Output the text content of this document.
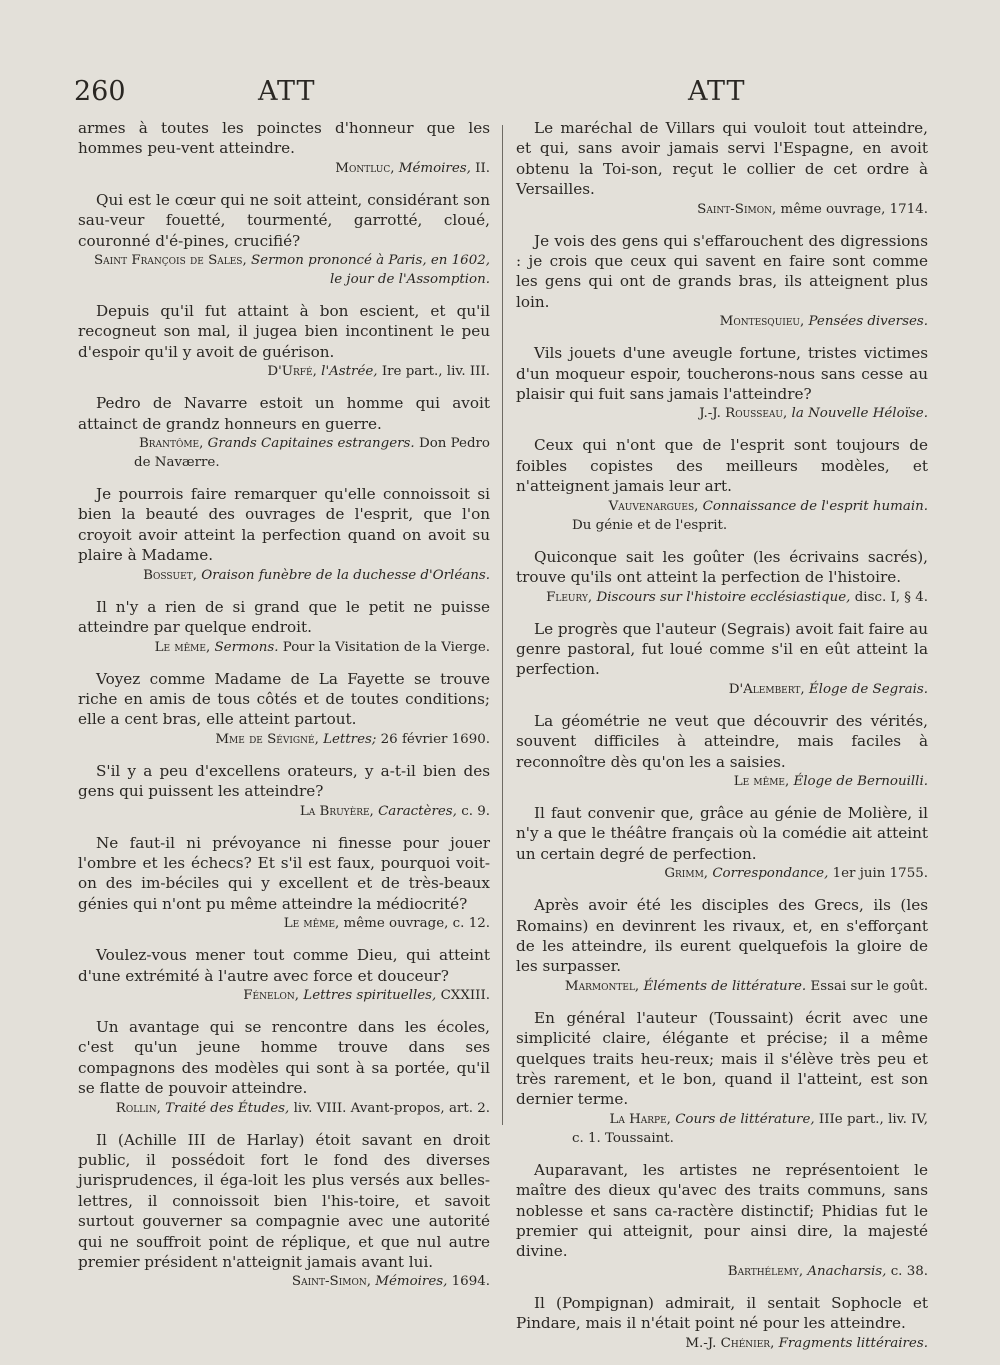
260	ATT	ATT

armes à toutes les poinctes d'honneur que les hommes peu-vent atteindre.

Montluc, Mémoires, II.

Qui est le cœur qui ne soit atteint, considérant son sau-veur fouetté, tourmenté, garrotté, cloué, couronné d'é-pines, crucifié?

Saint François de Sales, Sermon prononcé à Paris, en 1602, le jour de l'Assomption.

Depuis qu'il fut attaint à bon escient, et qu'il recogneut son mal, il jugea bien incontinent le peu d'espoir qu'il y avoit de guérison.

D'Urfé, l'Astrée, Ire part., liv. III.

Pedro de Navarre estoit un homme qui avoit attainct de grandz honneurs en guerre.

Brantôme, Grands Capitaines estrangers. Don Pedro
de Naværre.

Je pourrois faire remarquer qu'elle connoissoit si bien la beauté des ouvrages de l'esprit, que l'on croyoit avoir atteint la perfection quand on avoit su plaire à Madame.

Bossuet, Oraison funèbre de la duchesse d'Orléans.

Il n'y a rien de si grand que le petit ne puisse atteindre par quelque endroit.

Le même, Sermons. Pour la Visitation de la Vierge.

Voyez comme Madame de La Fayette se trouve riche en amis de tous côtés et de toutes conditions; elle a cent bras, elle atteint partout.

Mme de Sévigné, Lettres; 26 février 1690.

S'il y a peu d'excellens orateurs, y a-t-il bien des gens qui puissent les atteindre?

La Bruyère, Caractères, c. 9.

Ne faut-il ni prévoyance ni finesse pour jouer l'ombre et les échecs? Et s'il est faux, pourquoi voit-on des im-béciles qui y excellent et de très-beaux génies qui n'ont pu même atteindre la médiocrité?

Le même, même ouvrage, c. 12.

Voulez-vous mener tout comme Dieu, qui atteint d'une extrémité à l'autre avec force et douceur?

Fénelon, Lettres spirituelles, CXXIII.

Un avantage qui se rencontre dans les écoles, c'est qu'un jeune homme trouve dans ses compagnons des modèles qui sont à sa portée, qu'il se flatte de pouvoir atteindre.

Rollin, Traité des Études, liv. VIII. Avant-propos, art. 2.

Il (Achille III de Harlay) étoit savant en droit public, il possédoit fort le fond des diverses jurisprudences, il éga-loit les plus versés aux belles-lettres, il connoissoit bien l'his-toire, et savoit surtout gouverner sa compagnie avec une autorité qui ne souffroit point de réplique, et que nul autre premier président n'atteignit jamais avant lui.

Saint-Simon, Mémoires, 1694.

Le maréchal de Villars qui vouloit tout atteindre, et qui, sans avoir jamais servi l'Espagne, en avoit obtenu la Toi-son, reçut le collier de cet ordre à Versailles.

Saint-Simon, même ouvrage, 1714.

Je vois des gens qui s'effarouchent des digressions : je crois que ceux qui savent en faire sont comme les gens qui ont de grands bras, ils atteignent plus loin.

Montesquieu, Pensées diverses.

Vils jouets d'une aveugle fortune, tristes victimes d'un moqueur espoir, toucherons-nous sans cesse au plaisir qui fuit sans jamais l'atteindre?

J.-J. Rousseau, la Nouvelle Héloïse.

Ceux qui n'ont que de l'esprit sont toujours de foibles copistes des meilleurs modèles, et n'atteignent jamais leur art.

Vauvenargues, Connaissance de l'esprit humain.
Du génie et de l'esprit.

Quiconque sait les goûter (les écrivains sacrés), trouve qu'ils ont atteint la perfection de l'histoire.

Fleury, Discours sur l'histoire ecclésiastique, disc. I, § 4.

Le progrès que l'auteur (Segrais) avoit fait faire au genre pastoral, fut loué comme s'il en eût atteint la perfection.

D'Alembert, Éloge de Segrais.

La géométrie ne veut que découvrir des vérités, souvent difficiles à atteindre, mais faciles à reconnoître dès qu'on les a saisies.

Le même, Éloge de Bernouilli.

Il faut convenir que, grâce au génie de Molière, il n'y a que le théâtre français où la comédie ait atteint un certain degré de perfection.

Grimm, Correspondance, 1er juin 1755.

Après avoir été les disciples des Grecs, ils (les Romains) en devinrent les rivaux, et, en s'efforçant de les atteindre, ils eurent quelquefois la gloire de les surpasser.

Marmontel, Éléments de littérature. Essai sur le goût.

En général l'auteur (Toussaint) écrit avec une simplicité claire, élégante et précise; il a même quelques traits heu-reux; mais il s'élève très peu et très rarement, et le bon, quand il l'atteint, est son dernier terme.

La Harpe, Cours de littérature, IIIe part., liv. IV,
c. 1. Toussaint.

Auparavant, les artistes ne représentoient le maître des dieux qu'avec des traits communs, sans noblesse et sans ca-ractère distinctif; Phidias fut le premier qui atteignit, pour ainsi dire, la majesté divine.

Barthélemy, Anacharsis, c. 38.

Il (Pompignan) admirait, il sentait Sophocle et Pindare, mais il n'était point né pour les atteindre.

M.-J. Chénier, Fragments littéraires.
